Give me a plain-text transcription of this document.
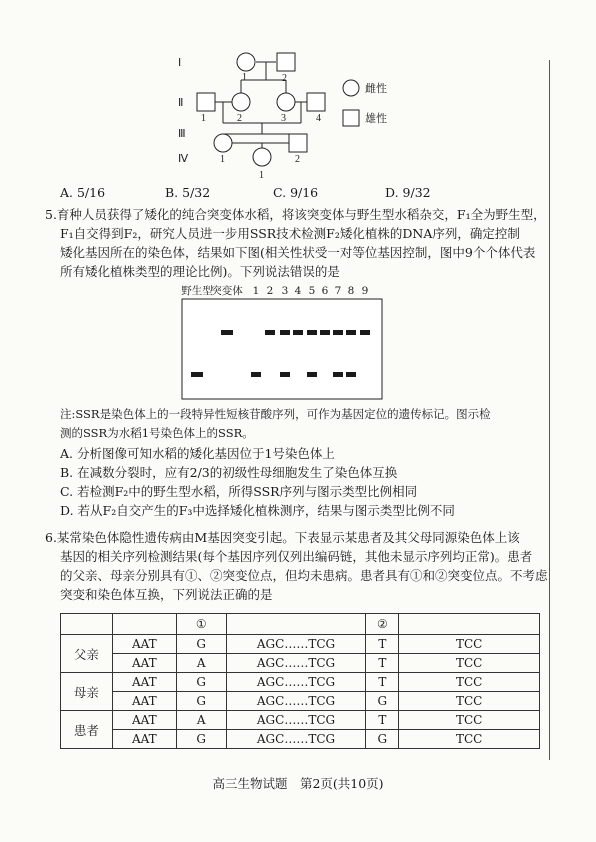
1	2
1	2	3	4
1	2
1
Ⅰ
Ⅱ
Ⅲ
Ⅳ
雌性
雄性
A. 5/16	B. 5/32	C. 9/16	D. 9/32
5.育种人员获得了矮化的纯合突变体水稻，将该突变体与野生型水稻杂交，F₁全为野生型，
F₁自交得到F₂，研究人员进一步用SSR技术检测F₂矮化植株的DNA序列，确定控制
矮化基因所在的染色体，结果如下图(相关性状受一对等位基因控制，图中9个个体代表
所有矮化植株类型的理论比例)。下列说法错误的是
野生型
突变体 1 2 3 4 5 6 7 8 9
注:SSR是染色体上的一段特异性短核苷酸序列，可作为基因定位的遗传标记。图示检
测的SSR为水稻1号染色体上的SSR。
A. 分析图像可知水稻的矮化基因位于1号染色体上
B. 在减数分裂时，应有2/3的初级性母细胞发生了染色体互换
C. 若检测F₂中的野生型水稻，所得SSR序列与图示类型比例相同
D. 若从F₂自交产生的F₃中选择矮化植株测序，结果与图示类型比例不同
6.某常染色体隐性遗传病由M基因突变引起。下表显示某患者及其父母同源染色体上该
基因的相关序列检测结果(每个基因序列仅列出编码链，其他未显示序列均正常)。患者
的父亲、母亲分别具有①、②突变位点，但均未患病。患者具有①和②突变位点。不考虑
突变和染色体互换，下列说法正确的是
		①		②	
父亲	AAT	G	AGC……TCG	T	TCC
	AAT	A	AGC……TCG	T	TCC
母亲	AAT	G	AGC……TCG	T	TCC
	AAT	G	AGC……TCG	G	TCC
患者	AAT	A	AGC……TCG	T	TCC
	AAT	G	AGC……TCG	G	TCC
高三生物试题　第2页(共10页)
